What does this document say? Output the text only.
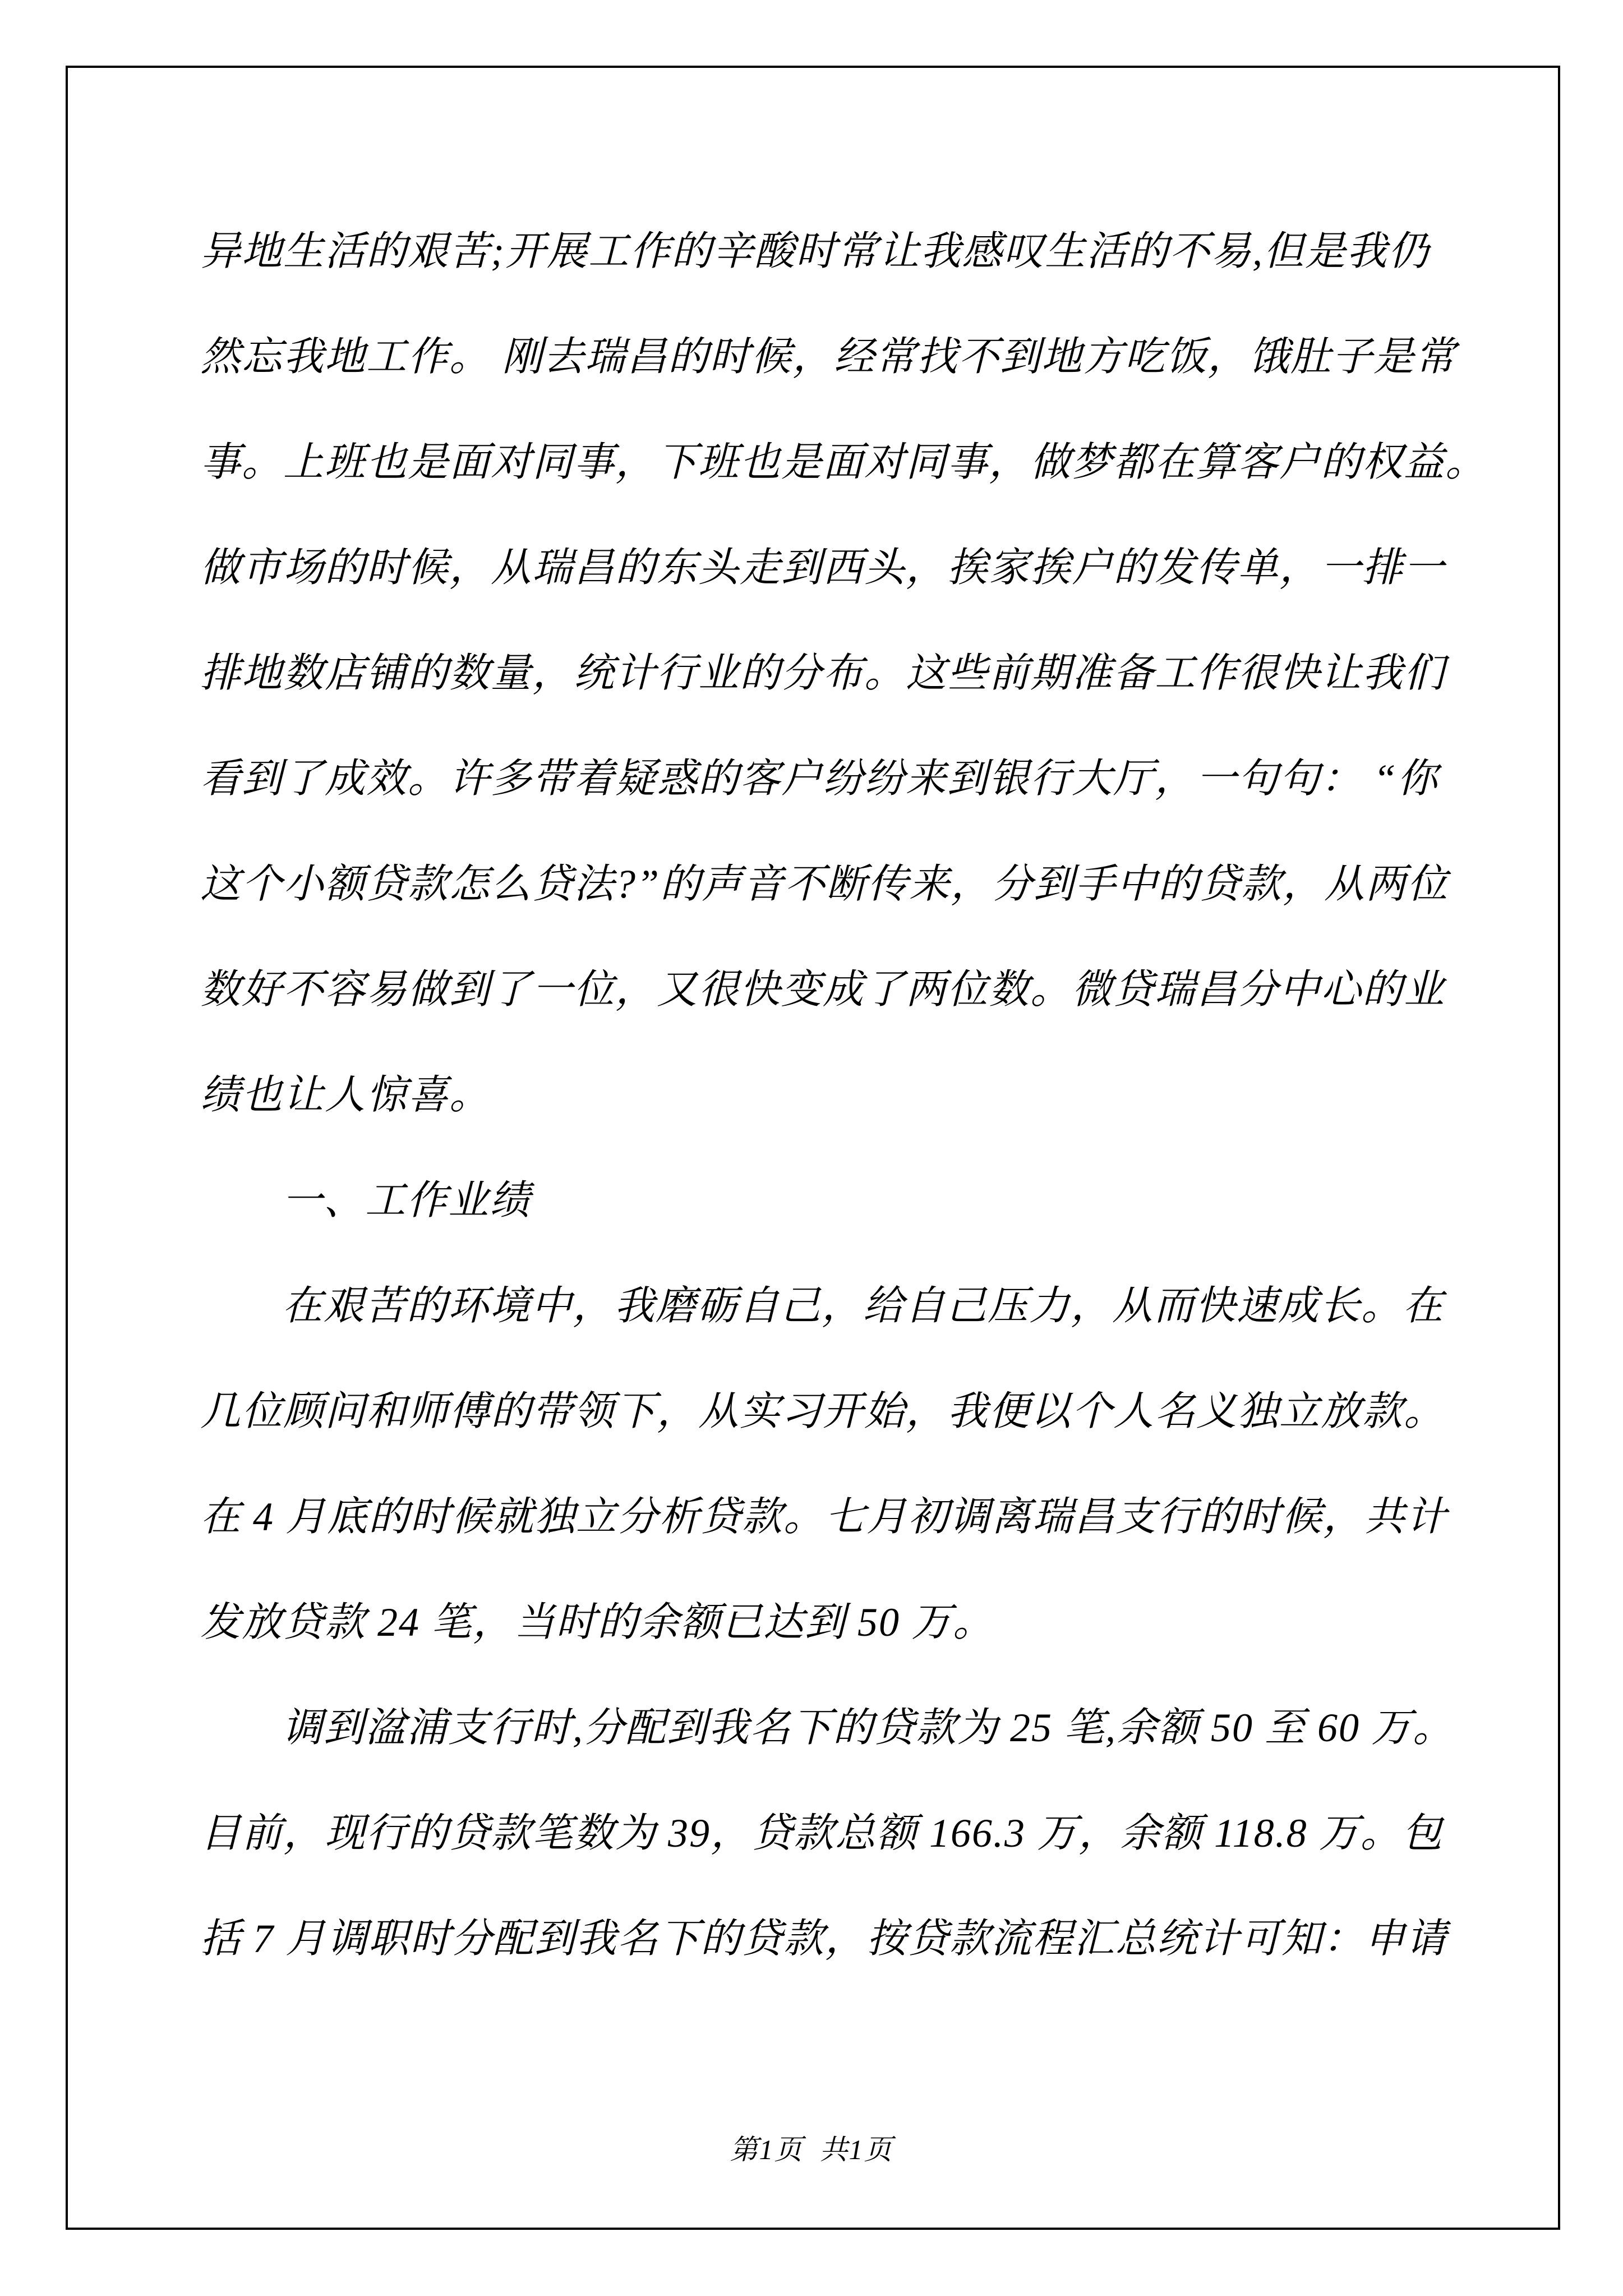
异地生活的艰苦;开展工作的辛酸时常让我感叹生活的不易,但是我仍
然忘我地工作。 刚去瑞昌的时候，经常找不到地方吃饭，饿肚子是常
事。上班也是面对同事，下班也是面对同事，做梦都在算客户的权益。
做市场的时候，从瑞昌的东头走到西头，挨家挨户的发传单，一排一
排地数店铺的数量，统计行业的分布。这些前期准备工作很快让我们
看到了成效。许多带着疑惑的客户纷纷来到银行大厅，一句句： “你
这个小额贷款怎么贷法?”的声音不断传来，分到手中的贷款，从两位
数好不容易做到了一位，又很快变成了两位数。微贷瑞昌分中心的业
绩也让人惊喜。
一、工作业绩
在艰苦的环境中，我磨砺自己，给自己压力，从而快速成长。在
几位顾问和师傅的带领下，从实习开始，我便以个人名义独立放款。
在 4 月底的时候就独立分析贷款。七月初调离瑞昌支行的时候，共计
发放贷款 24 笔，当时的余额已达到 50 万。
调到湓浦支行时,分配到我名下的贷款为 25 笔,余额 50 至 60 万。
目前，现行的贷款笔数为 39，贷款总额 166.3 万，余额 118.8 万。包
括 7 月调职时分配到我名下的贷款，按贷款流程汇总统计可知：申请
第1页  共1页
